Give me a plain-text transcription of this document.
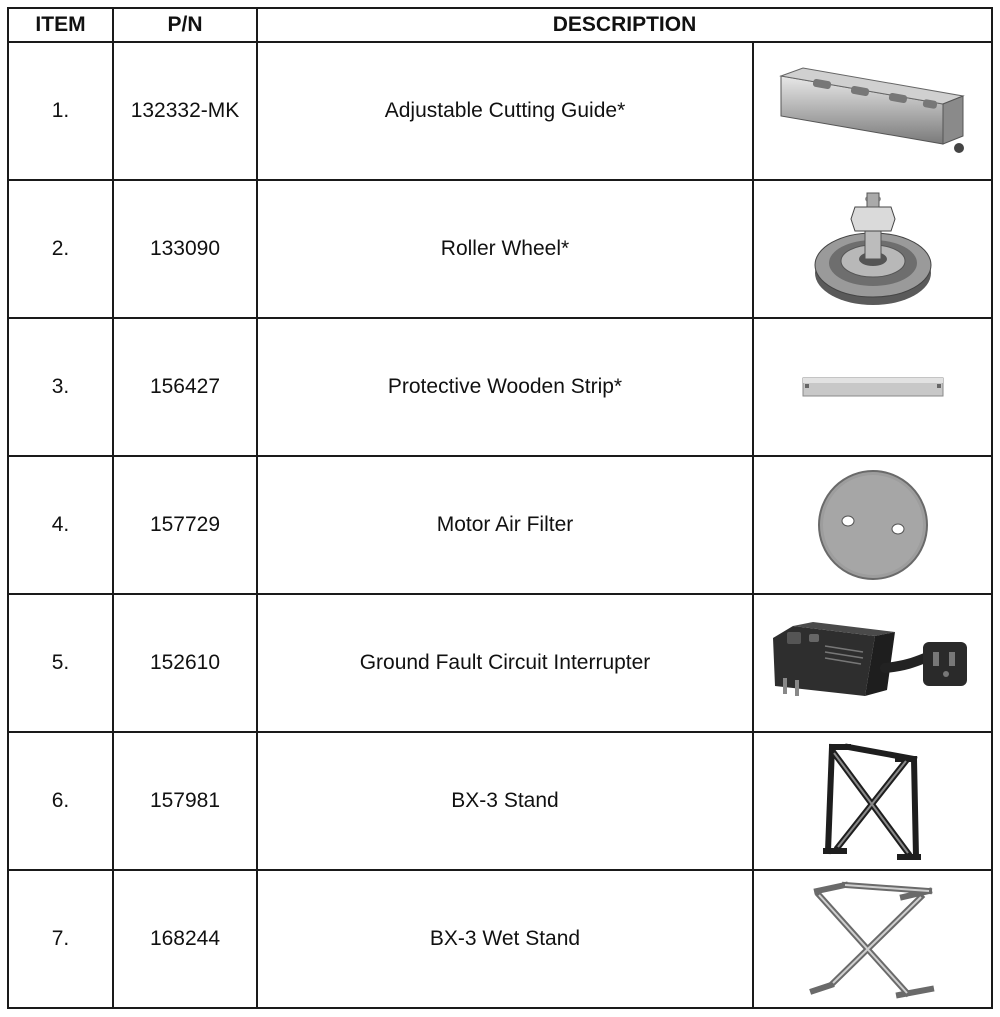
ITEM	P/N	DESCRIPTION	
1.	132332-MK	Adjustable Cutting Guide*	

2.	133090	Roller Wheel*	

3.	156427	Protective Wooden Strip*	

4.	157729	Motor Air Filter	

5.	152610	Ground Fault Circuit Interrupter	

6.	157981	BX-3 Stand	

7.	168244	BX-3 Wet Stand	
